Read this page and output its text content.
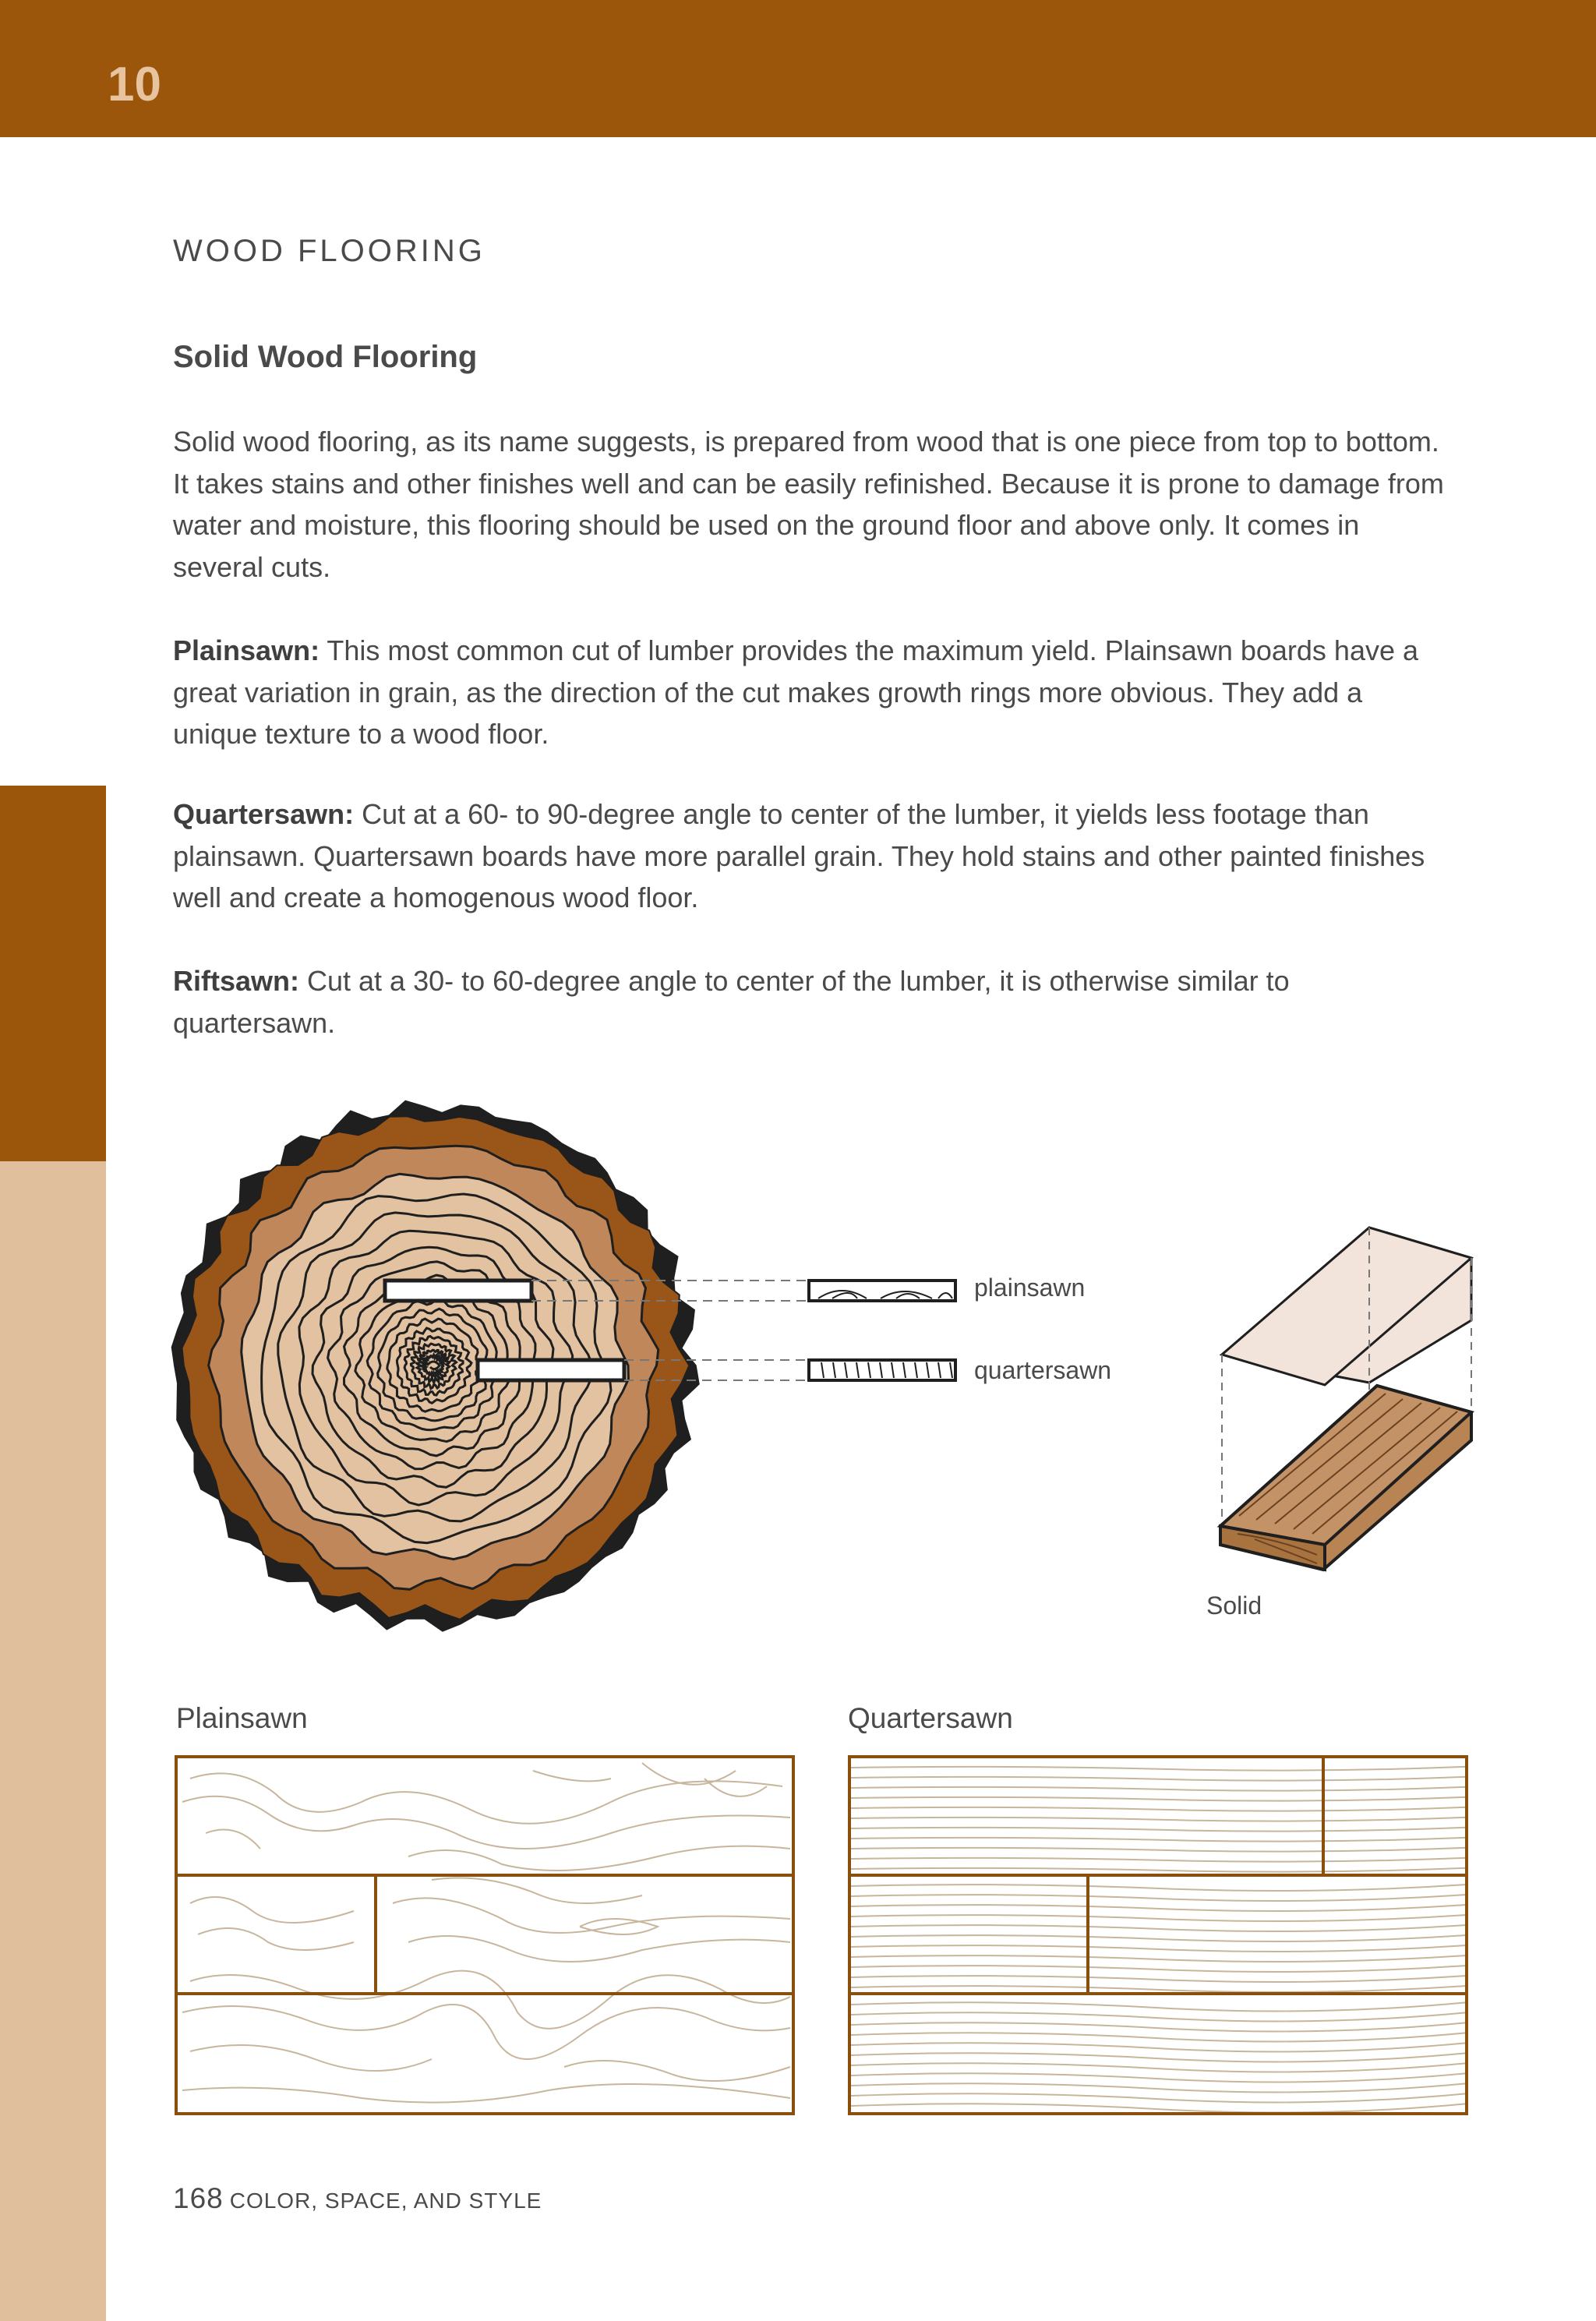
10
WOOD FLOORING
Solid Wood Flooring

Solid wood flooring, as its name suggests, is prepared from wood that is one piece from top to bottom. It takes stains and other finishes well and can be easily refinished. Because it is prone to damage from water and moisture, this flooring should be used on the ground floor and above only. It comes in several cuts.

Plainsawn: This most common cut of lumber provides the maximum yield. Plainsawn boards have a great variation in grain, as the direction of the cut makes growth rings more obvious. They add a unique texture to a wood floor.

Quartersawn: Cut at a 60- to 90-degree angle to center of the lumber, it yields less footage than plainsawn. Quartersawn boards have more parallel grain. They hold stains and other painted finishes well and create a homogenous wood floor.

Riftsawn: Cut at a 30- to 60-degree angle to center of the lumber, it is otherwise similar to quartersawn.

plainsawn
quartersawn
Solid
Plainsawn	Quartersawn
168 COLOR, SPACE, AND STYLE
